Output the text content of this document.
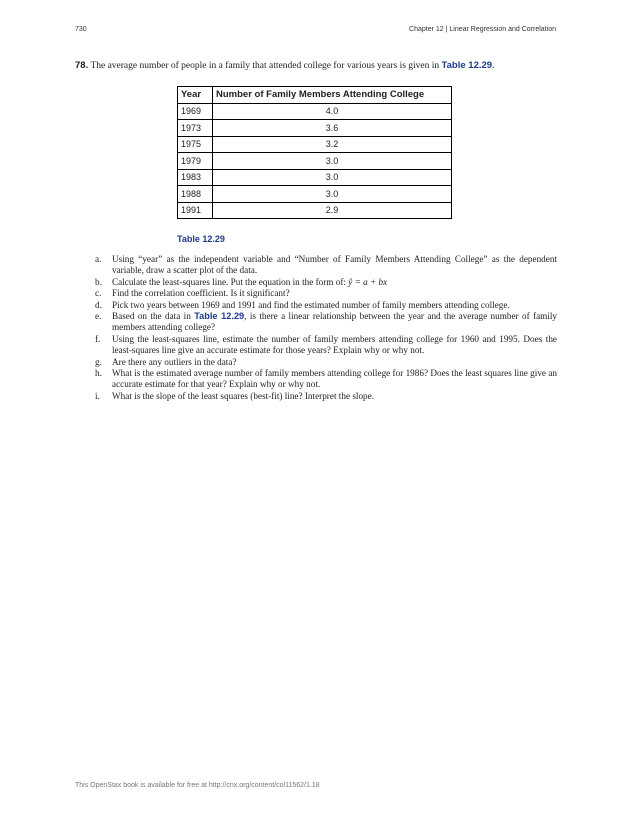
730	Chapter 12 | Linear Regression and Correlation
78. The average number of people in a family that attended college for various years is given in Table 12.29.
Year	Number of Family Members Attending College
1969	4.0
1973	3.6
1975	3.2
1979	3.0
1983	3.0
1988	3.0
1991	2.9
Table 12.29
a. Using “year” as the independent variable and “Number of Family Members Attending College” as the dependent variable, draw a scatter plot of the data.
b. Calculate the least-squares line. Put the equation in the form of: ŷ = a + bx
c. Find the correlation coefficient. Is it significant?
d. Pick two years between 1969 and 1991 and find the estimated number of family members attending college.
e. Based on the data in Table 12.29, is there a linear relationship between the year and the average number of family members attending college?
f. Using the least-squares line, estimate the number of family members attending college for 1960 and 1995. Does the least-squares line give an accurate estimate for those years? Explain why or why not.
g. Are there any outliers in the data?
h. What is the estimated average number of family members attending college for 1986? Does the least squares line give an accurate estimate for that year? Explain why or why not.
i. What is the slope of the least squares (best-fit) line? Interpret the slope.
This OpenStax book is available for free at http://cnx.org/content/col11562/1.18
